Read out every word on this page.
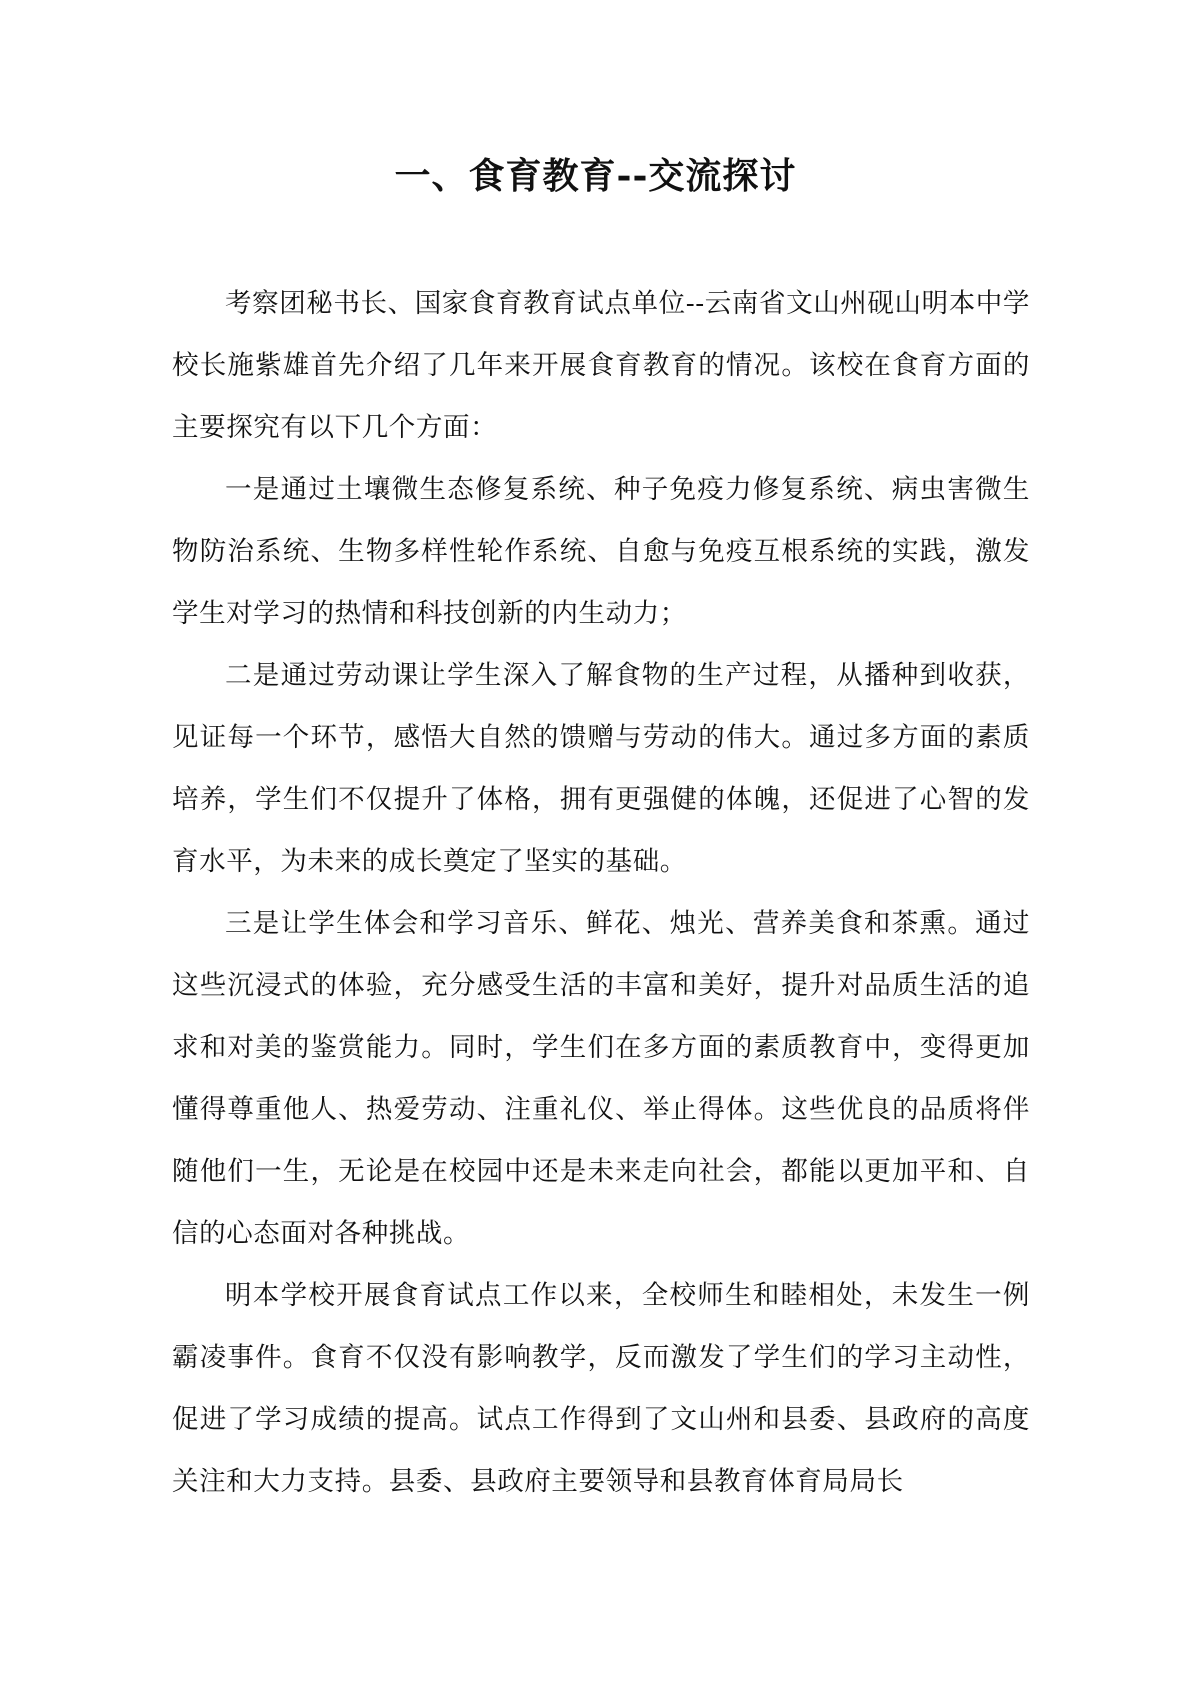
一、食育教育--交流探讨

考察团秘书长、国家食育教育试点单位--云南省文山州砚山明本中学校长施紫雄首先介绍了几年来开展食育教育的情况。该校在食育方面的主要探究有以下几个方面：

一是通过土壤微生态修复系统、种子免疫力修复系统、病虫害微生物防治系统、生物多样性轮作系统、自愈与免疫互根系统的实践，激发学生对学习的热情和科技创新的内生动力；

二是通过劳动课让学生深入了解食物的生产过程，从播种到收获，见证每一个环节，感悟大自然的馈赠与劳动的伟大。通过多方面的素质培养，学生们不仅提升了体格，拥有更强健的体魄，还促进了心智的发育水平，为未来的成长奠定了坚实的基础。

三是让学生体会和学习音乐、鲜花、烛光、营养美食和茶熏。通过这些沉浸式的体验，充分感受生活的丰富和美好，提升对品质生活的追求和对美的鉴赏能力。同时，学生们在多方面的素质教育中，变得更加懂得尊重他人、热爱劳动、注重礼仪、举止得体。这些优良的品质将伴随他们一生，无论是在校园中还是未来走向社会，都能以更加平和、自信的心态面对各种挑战。

明本学校开展食育试点工作以来，全校师生和睦相处，未发生一例霸凌事件。食育不仅没有影响教学，反而激发了学生们的学习主动性，促进了学习成绩的提高。试点工作得到了文山州和县委、县政府的高度关注和大力支持。县委、县政府主要领导和县教育体育局局长
